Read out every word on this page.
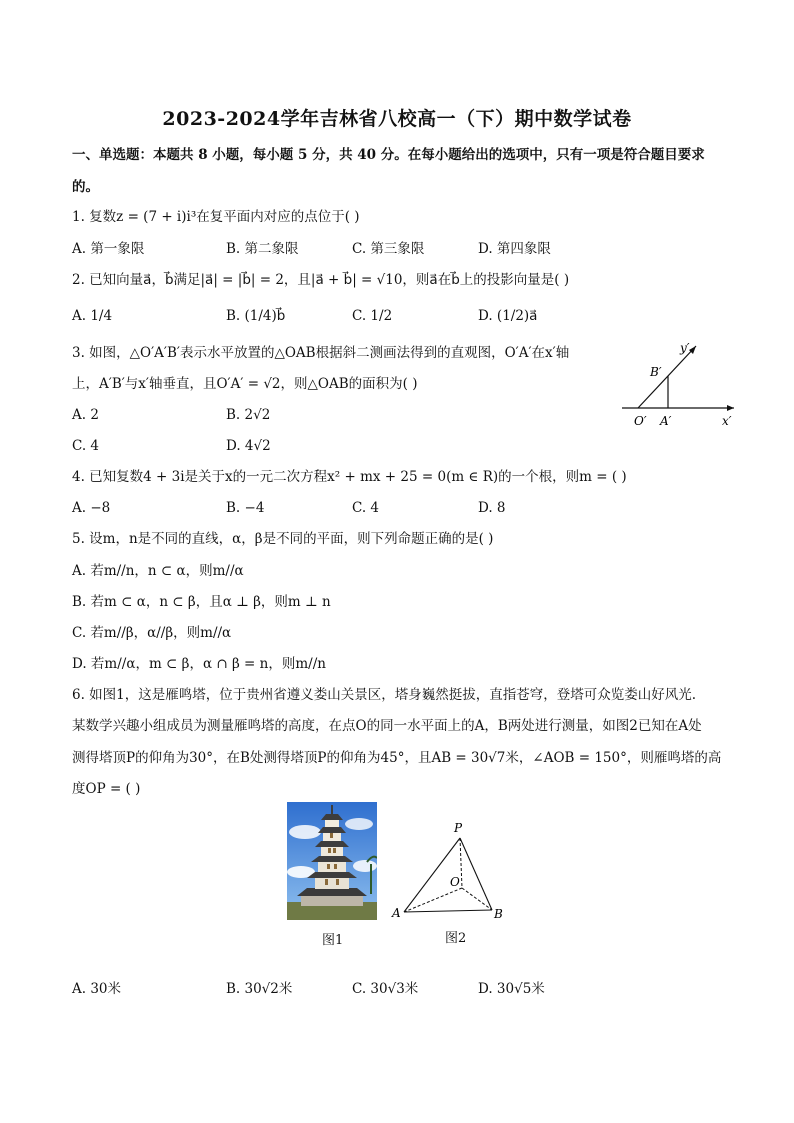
2023-2024学年吉林省八校高一（下）期中数学试卷
一、单选题：本题共 8 小题，每小题 5 分，共 40 分。在每小题给出的选项中，只有一项是符合题目要求
的。
1. 复数z = (7 + i)i³在复平面内对应的点位于( )
A. 第一象限	B. 第二象限	C. 第三象限	D. 第四象限
2. 已知向量a⃗，b⃗满足|a⃗| = |b⃗| = 2，且|a⃗ + b⃗| = √10，则a⃗在b⃗上的投影向量是( )
A. 1/4	B. (1/4)b⃗	C. 1/2	D. (1/2)a⃗
3. 如图，△O′A′B′表示水平放置的△OAB根据斜二测画法得到的直观图，O′A′在x′轴
上，A′B′与x′轴垂直，且O′A′ = √2，则△OAB的面积为( )
A. 2	B. 2√2
C. 4	D. 4√2
y′
B′
O′ A′	x′
4. 已知复数4 + 3i是关于x的一元二次方程x² + mx + 25 = 0(m ∈ R)的一个根，则m = ( )
A. −8	B. −4	C. 4	D. 8
5. 设m，n是不同的直线，α，β是不同的平面，则下列命题正确的是( )
A. 若m//n，n ⊂ α，则m//α
B. 若m ⊂ α，n ⊂ β，且α ⊥ β，则m ⊥ n
C. 若m//β，α//β，则m//α
D. 若m//α，m ⊂ β，α ∩ β = n，则m//n
6. 如图1，这是雁鸣塔，位于贵州省遵义娄山关景区，塔身巍然挺拔，直指苍穹，登塔可众览娄山好风光.
某数学兴趣小组成员为测量雁鸣塔的高度，在点O的同一水平面上的A，B两处进行测量，如图2已知在A处
测得塔顶P的仰角为30°，在B处测得塔顶P的仰角为45°，且AB = 30√7米，∠AOB = 150°，则雁鸣塔的高
度OP = ( )
P
O
A	B
图1	图2
A. 30米	B. 30√2米	C. 30√3米	D. 30√5米
